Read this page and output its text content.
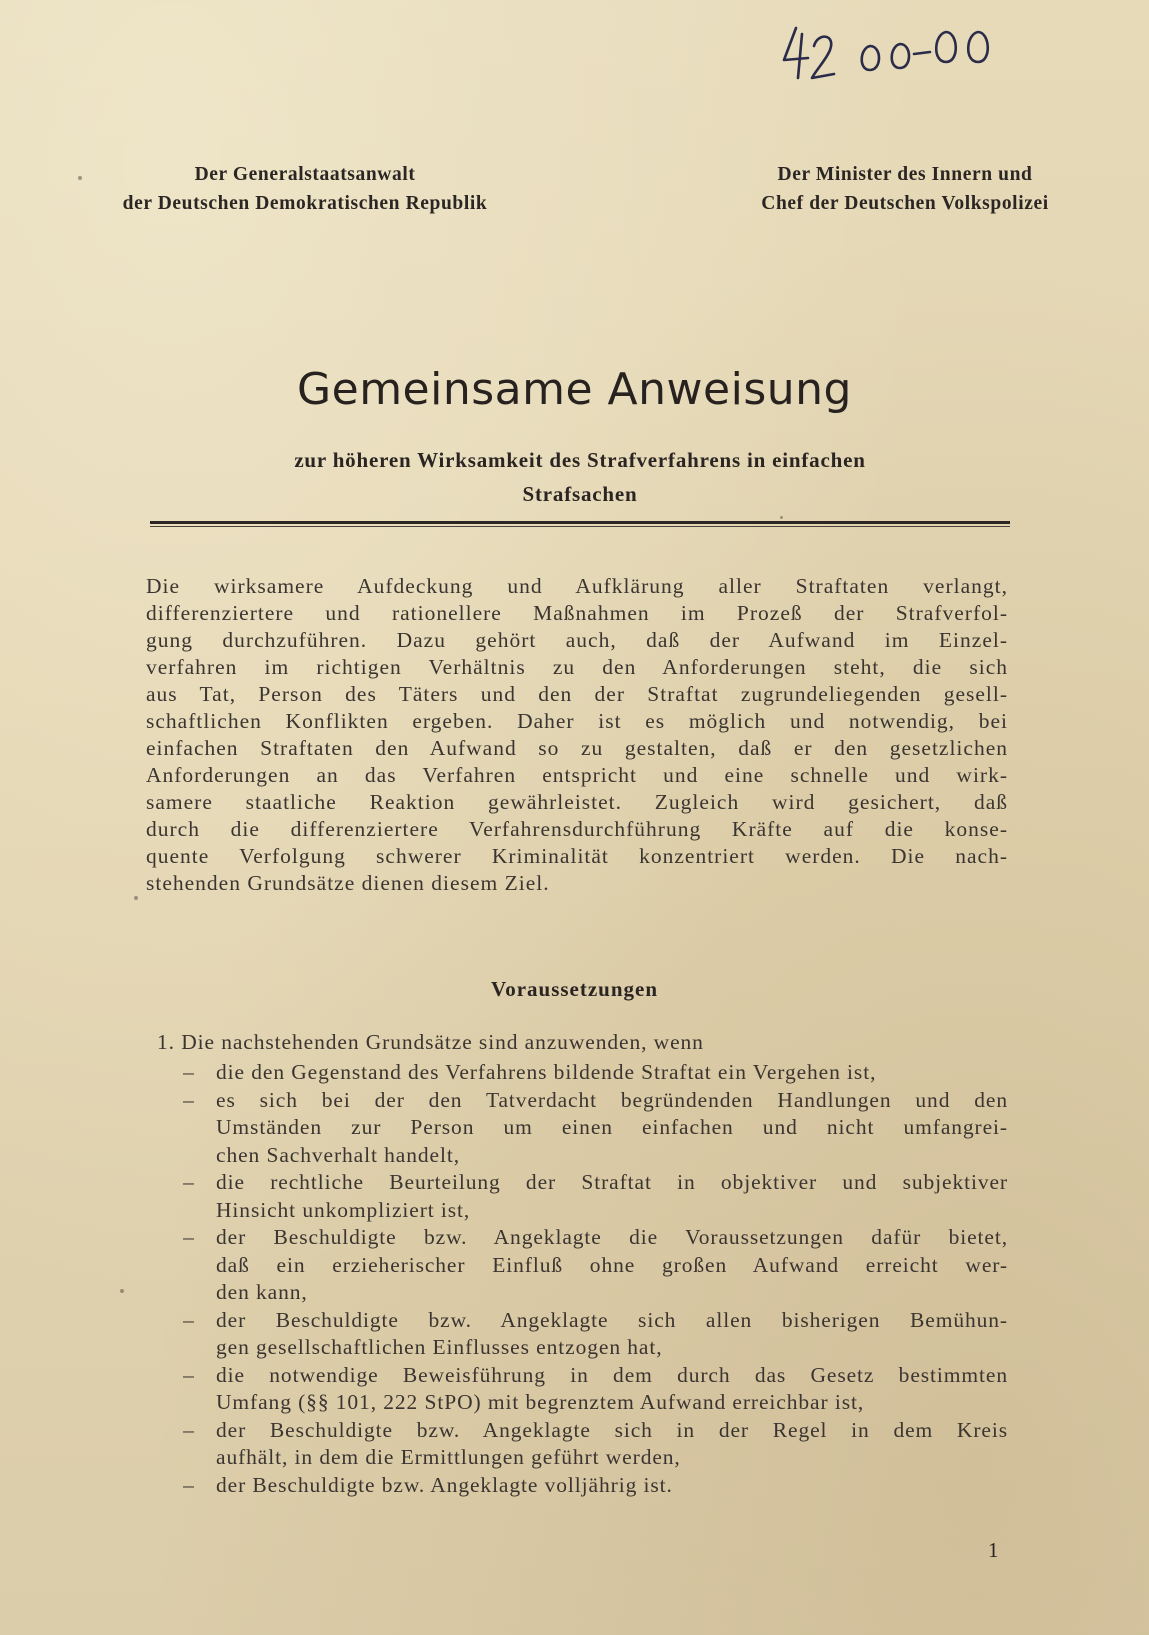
Der Generalstaatsanwalt
der Deutschen Demokratischen Republik
Der Minister des Innern und
Chef der Deutschen Volkspolizei
Gemeinsame Anweisung
zur höheren Wirksamkeit des Strafverfahrens in einfachen
Strafsachen
Die wirksamere Aufdeckung und Aufklärung aller Straftaten verlangt,
differenziertere und rationellere Maßnahmen im Prozeß der Strafverfol-
gung durchzuführen. Dazu gehört auch, daß der Aufwand im Einzel-
verfahren im richtigen Verhältnis zu den Anforderungen steht, die sich
aus Tat, Person des Täters und den der Straftat zugrundeliegenden gesell-
schaftlichen Konflikten ergeben. Daher ist es möglich und notwendig, bei
einfachen Straftaten den Aufwand so zu gestalten, daß er den gesetzlichen
Anforderungen an das Verfahren entspricht und eine schnelle und wirk-
samere staatliche Reaktion gewährleistet. Zugleich wird gesichert, daß
durch die differenziertere Verfahrensdurchführung Kräfte auf die konse-
quente Verfolgung schwerer Kriminalität konzentriert werden. Die nach-
stehenden Grundsätze dienen diesem Ziel.
Voraussetzungen
1. Die nachstehenden Grundsätze sind anzuwenden, wenn
– die den Gegenstand des Verfahrens bildende Straftat ein Vergehen ist,
– es sich bei der den Tatverdacht begründenden Handlungen und den
Umständen zur Person um einen einfachen und nicht umfangrei-
chen Sachverhalt handelt,
– die rechtliche Beurteilung der Straftat in objektiver und subjektiver
Hinsicht unkompliziert ist,
– der Beschuldigte bzw. Angeklagte die Voraussetzungen dafür bietet,
daß ein erzieherischer Einfluß ohne großen Aufwand erreicht wer-
den kann,
– der Beschuldigte bzw. Angeklagte sich allen bisherigen Bemühun-
gen gesellschaftlichen Einflusses entzogen hat,
– die notwendige Beweisführung in dem durch das Gesetz bestimmten
Umfang (§§ 101, 222 StPO) mit begrenztem Aufwand erreichbar ist,
– der Beschuldigte bzw. Angeklagte sich in der Regel in dem Kreis
aufhält, in dem die Ermittlungen geführt werden,
– der Beschuldigte bzw. Angeklagte volljährig ist.
1
